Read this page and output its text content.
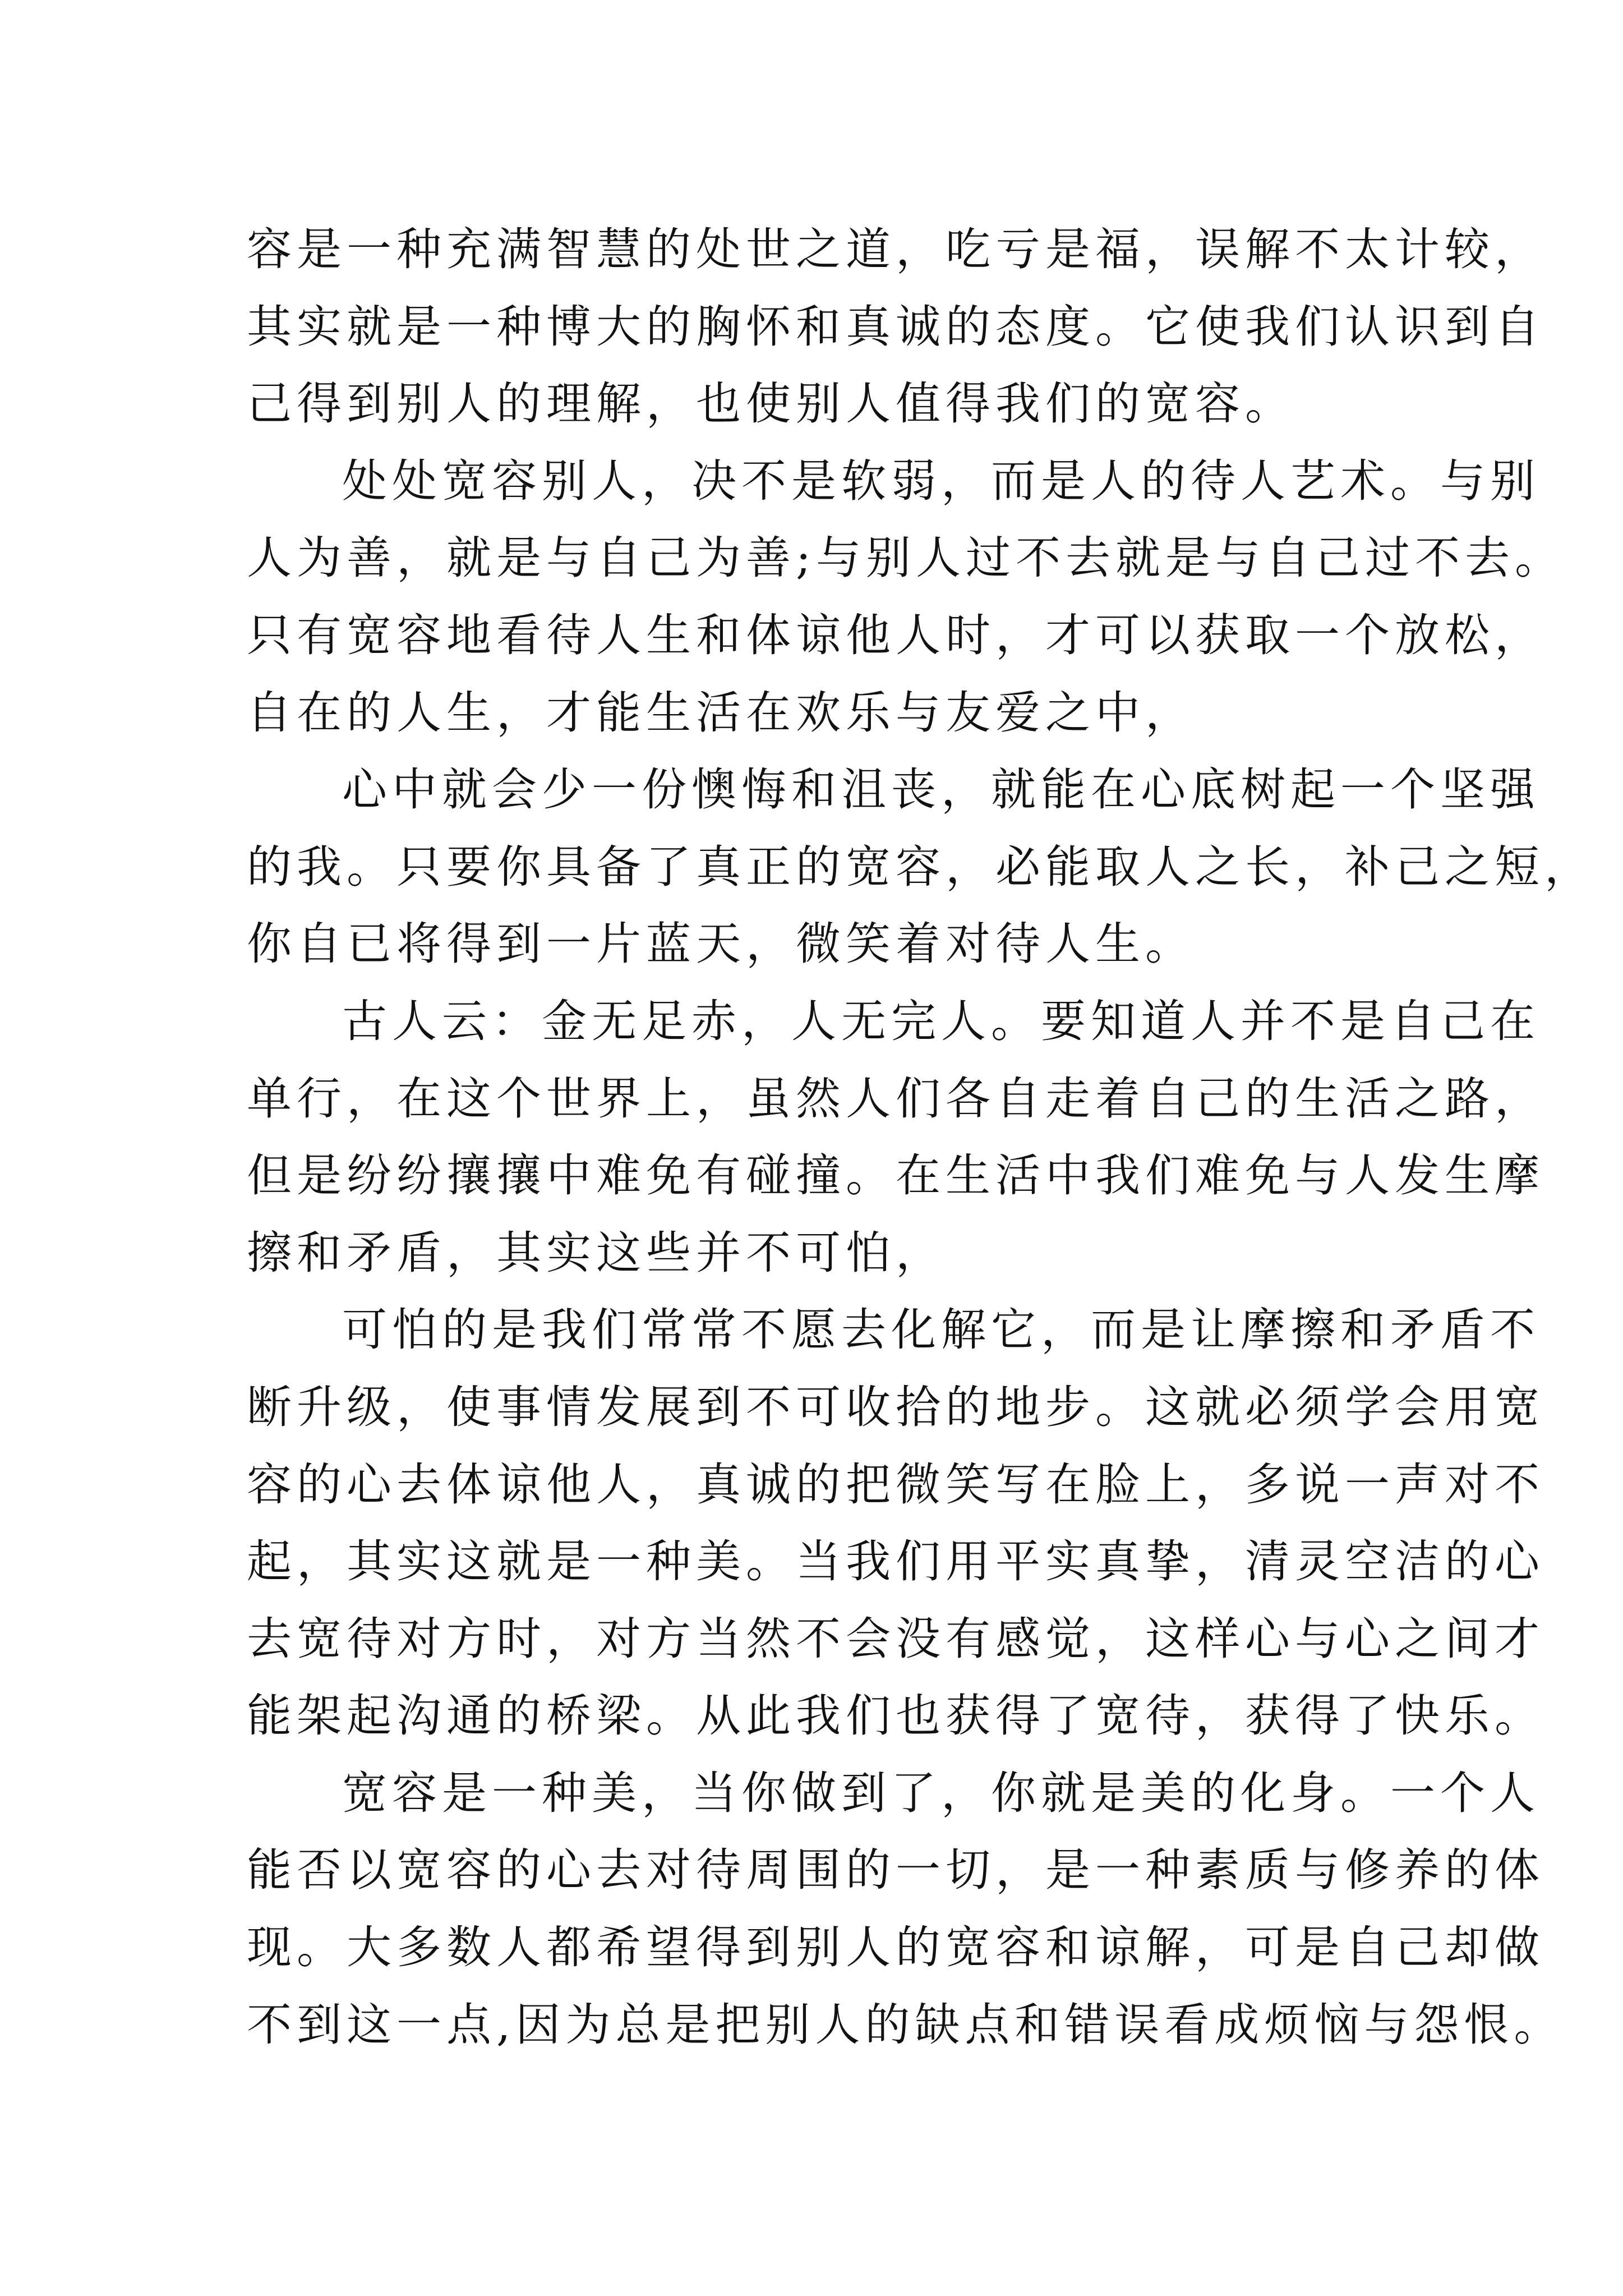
容是一种充满智慧的处世之道，吃亏是福，误解不太计较，
其实就是一种博大的胸怀和真诚的态度。它使我们认识到自
己得到别人的理解，也使别人值得我们的宽容。
处处宽容别人，决不是软弱，而是人的待人艺术。与别
人为善，就是与自己为善;与别人过不去就是与自己过不去。
只有宽容地看待人生和体谅他人时，才可以获取一个放松，
自在的人生，才能生活在欢乐与友爱之中，
心中就会少一份懊悔和沮丧，就能在心底树起一个坚强
的我。只要你具备了真正的宽容，必能取人之长，补己之短，
你自已将得到一片蓝天，微笑着对待人生。
古人云：金无足赤，人无完人。要知道人并不是自己在
单行，在这个世界上，虽然人们各自走着自己的生活之路，
但是纷纷攘攘中难免有碰撞。在生活中我们难免与人发生摩
擦和矛盾，其实这些并不可怕，
可怕的是我们常常不愿去化解它，而是让摩擦和矛盾不
断升级，使事情发展到不可收拾的地步。这就必须学会用宽
容的心去体谅他人，真诚的把微笑写在脸上，多说一声对不
起，其实这就是一种美。当我们用平实真挚，清灵空洁的心
去宽待对方时，对方当然不会没有感觉，这样心与心之间才
能架起沟通的桥梁。从此我们也获得了宽待，获得了快乐。
宽容是一种美，当你做到了，你就是美的化身。一个人
能否以宽容的心去对待周围的一切，是一种素质与修养的体
现。大多数人都希望得到别人的宽容和谅解，可是自己却做
不到这一点,因为总是把别人的缺点和错误看成烦恼与怨恨。
